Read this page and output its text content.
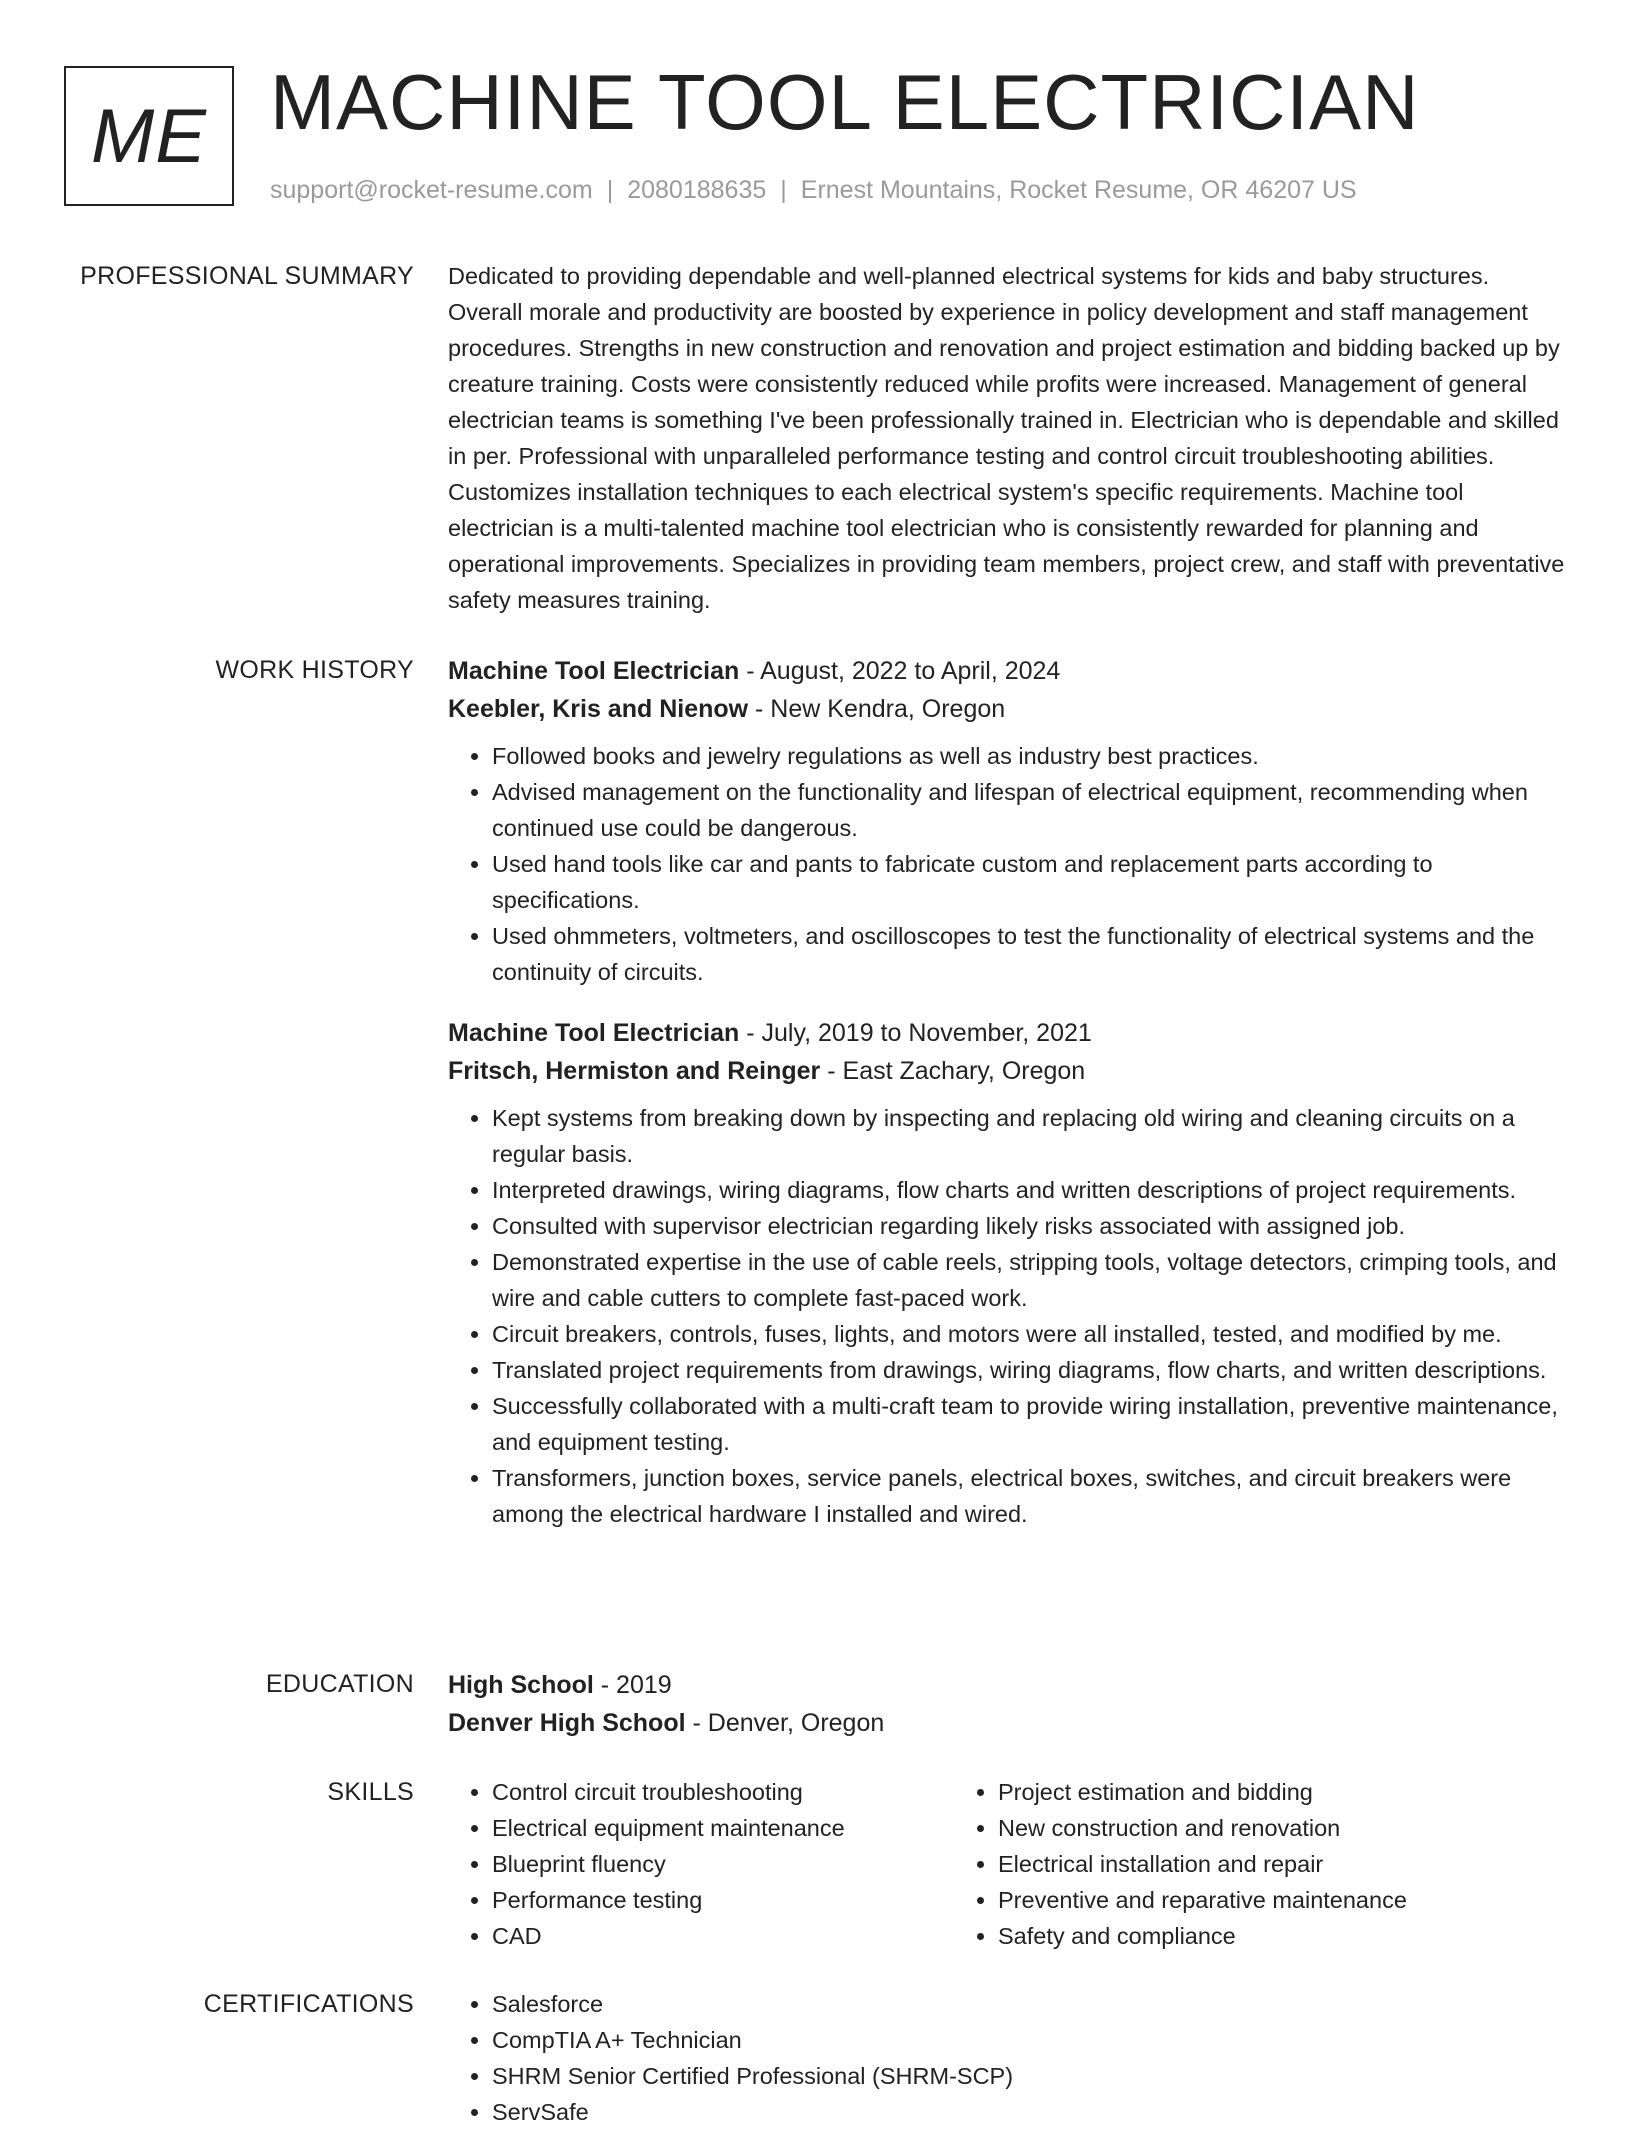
ME MACHINE TOOL ELECTRICIAN
support@rocket-resume.com | 2080188635 | Ernest Mountains, Rocket Resume, OR 46207 US
PROFESSIONAL SUMMARY Dedicated to providing dependable and well-planned electrical systems for kids and baby structures. Overall morale and productivity are boosted by experience in policy development and staff management procedures. Strengths in new construction and renovation and project estimation and bidding backed up by creature training. Costs were consistently reduced while profits were increased. Management of general electrician teams is something I've been professionally trained in. Electrician who is dependable and skilled in per. Professional with unparalleled performance testing and control circuit troubleshooting abilities. Customizes installation techniques to each electrical system's specific requirements. Machine tool electrician is a multi-talented machine tool electrician who is consistently rewarded for planning and operational improvements. Specializes in providing team members, project crew, and staff with preventative safety measures training.

WORK HISTORY Machine Tool Electrician - August, 2022 to April, 2024
Keebler, Kris and Nienow - New Kendra, Oregon
• Followed books and jewelry regulations as well as industry best practices.
• Advised management on the functionality and lifespan of electrical equipment, recommending when continued use could be dangerous.
• Used hand tools like car and pants to fabricate custom and replacement parts according to specifications.
• Used ohmmeters, voltmeters, and oscilloscopes to test the functionality of electrical systems and the continuity of circuits.
Machine Tool Electrician - July, 2019 to November, 2021
Fritsch, Hermiston and Reinger - East Zachary, Oregon
• Kept systems from breaking down by inspecting and replacing old wiring and cleaning circuits on a regular basis.
• Interpreted drawings, wiring diagrams, flow charts and written descriptions of project requirements.
• Consulted with supervisor electrician regarding likely risks associated with assigned job.
• Demonstrated expertise in the use of cable reels, stripping tools, voltage detectors, crimping tools, and wire and cable cutters to complete fast-paced work.
• Circuit breakers, controls, fuses, lights, and motors were all installed, tested, and modified by me.
• Translated project requirements from drawings, wiring diagrams, flow charts, and written descriptions.
• Successfully collaborated with a multi-craft team to provide wiring installation, preventive maintenance, and equipment testing.
• Transformers, junction boxes, service panels, electrical boxes, switches, and circuit breakers were among the electrical hardware I installed and wired.
EDUCATION High School - 2019
Denver High School - Denver, Oregon
SKILLS	• Control circuit troubleshooting
• Electrical equipment maintenance
• Blueprint fluency
• Performance testing
• CAD
• Project estimation and bidding
• New construction and renovation
• Electrical installation and repair
• Preventive and reparative maintenance
• Safety and compliance
CERTIFICATIONS	• Salesforce
• CompTIA A+ Technician
• SHRM Senior Certified Professional (SHRM-SCP)
• ServSafe
